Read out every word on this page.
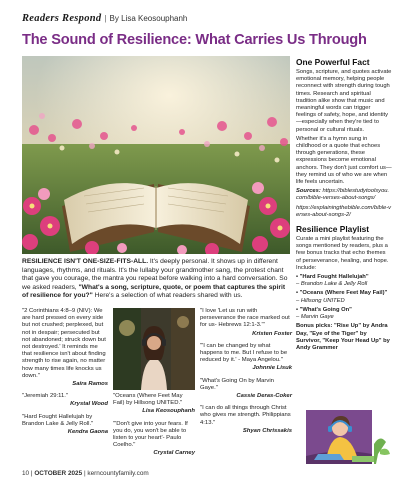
Readers Respond | By Lisa Keosouphanh
The Sound of Resilience: What Carries Us Through
One Powerful Fact

Songs, scripture, and quotes activate emotional memory, helping people reconnect with strength during tough times. Research and spiritual tradition alike show that music and meaningful words can trigger feelings of safety, hope, and identity—especially when they're tied to personal or cultural rituals.

Whether it's a hymn sung in childhood or a quote that echoes through generations, these expressions become emotional anchors. They don't just comfort us—they remind us of who we are when life feels uncertain.

Sources: https://biblestudytoolsyou.com/bible-verses-about-songs/

https://explainingthebible.com/bible-verses-about-songs-2/

Resilience Playlist

Curate a mini playlist featuring the songs mentioned by readers, plus a few bonus tracks that echo themes of perseverance, healing, and hope. Include:

• "Hard Fought Hallelujah"
– Brandon Lake & Jelly Roll
• "Oceans (Where Feet May Fail)"
– Hillsong UNITED
• "What's Going On"
– Marvin Gaye

Bonus picks: "Rise Up" by Andra Day, "Eye of the Tiger" by Survivor, "Keep Your Head Up" by Andy Grammer

RESILIENCE ISN'T ONE-SIZE-FITS-ALL. It's deeply personal. It shows up in different languages, rhythms, and rituals. It's the lullaby your grandmother sang, the protest chant that gave you courage, the mantra you repeat before walking into a hard conversation. So we asked readers, "What's a song, scripture, quote, or poem that captures the spirit of resilience for you?" Here's a selection of what readers shared with us.
"2 Corinthians 4:8–9 (NIV): We are hard pressed on every side but not crushed; perplexed, but not in despair; persecuted but not abandoned; struck down but not destroyed.' It reminds me that resilience isn't about finding strength to rise again, no matter how many times life knocks us down."
Saira Ramos
"Jeremiah 29:11."
Krystal Wood
"Hard Fought Hallelujah by Brandon Lake & Jelly Roll."
Kendra Gaona
"Oceans (Where Feet May Fail) by Hillsong UNITED."
Lisa Keosouphanh
"'Don't give into your fears. If you do, you won't be able to listen to your heart'- Paulo Coelho."
Crystal Carney
"I love 'Let us run with perseverance the race marked out for us- Hebrews 12:1-3.'"
Kristen Foster
"'I can be changed by what happens to me. But I refuse to be reduced by it.' - Maya Angelou."
Johnnie Lisuk
"What's Going On by Marvin Gaye."
Cassie Deras-Coker
"I can do all things through Christ who gives me strength. Philippians 4:13."
Shyan Chrissakis
10 | OCTOBER 2025 | kerncountyfamily.com
